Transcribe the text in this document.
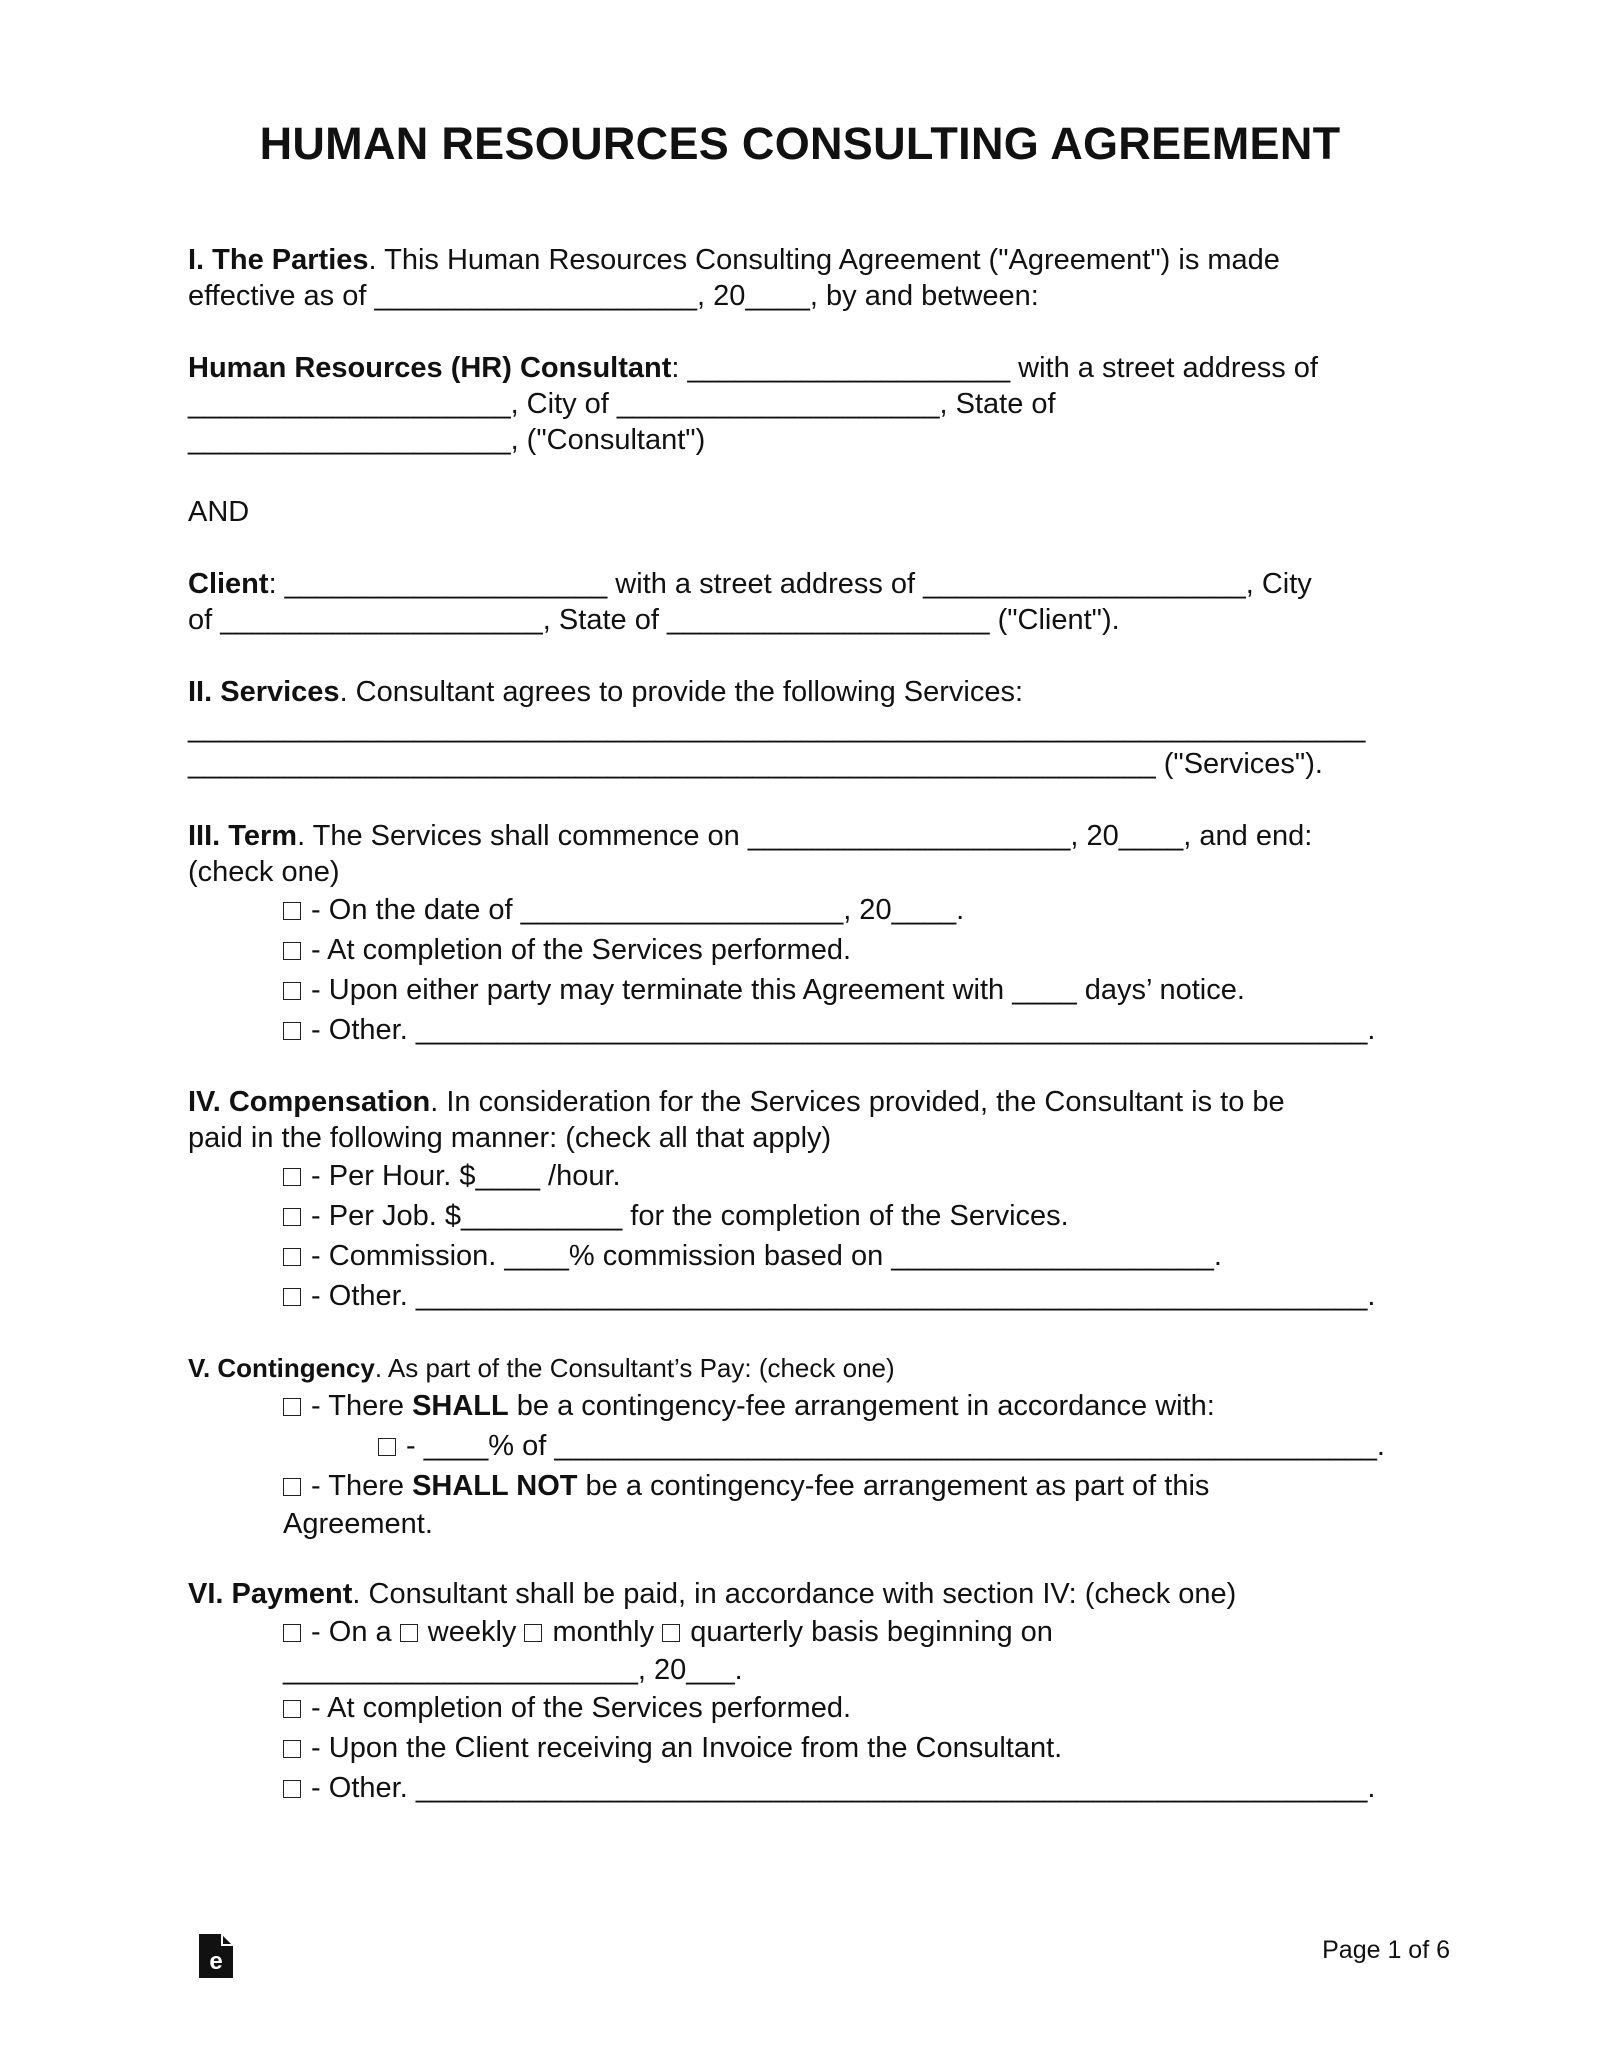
HUMAN RESOURCES CONSULTING AGREEMENT
I. The Parties. This Human Resources Consulting Agreement ("Agreement") is made
effective as of ____________________, 20____, by and between:
Human Resources (HR) Consultant: ____________________ with a street address of
____________________, City of ____________________, State of
____________________, ("Consultant")
AND
Client: ____________________ with a street address of ____________________, City
of ____________________, State of ____________________ ("Client").
II. Services. Consultant agrees to provide the following Services:
_________________________________________________________________________
____________________________________________________________ ("Services").
III. Term. The Services shall commence on ____________________, 20____, and end:
(check one)
- On the date of ____________________, 20____.
- At completion of the Services performed.
- Upon either party may terminate this Agreement with ____ days’ notice.
- Other. ___________________________________________________________.
IV. Compensation. In consideration for the Services provided, the Consultant is to be
paid in the following manner: (check all that apply)
- Per Hour. $____ /hour.
- Per Job. $__________ for the completion of the Services.
- Commission. ____% commission based on ____________________.
- Other. ___________________________________________________________.
V. Contingency. As part of the Consultant’s Pay: (check one)
- There SHALL be a contingency-fee arrangement in accordance with:
- ____% of ___________________________________________________.
- There SHALL NOT be a contingency-fee arrangement as part of this
Agreement.
VI. Payment. Consultant shall be paid, in accordance with section IV: (check one)
- On a  weekly  monthly  quarterly basis beginning on
______________________, 20___.
- At completion of the Services performed.
- Upon the Client receiving an Invoice from the Consultant.
- Other. ___________________________________________________________.
e	Page 1 of 6
